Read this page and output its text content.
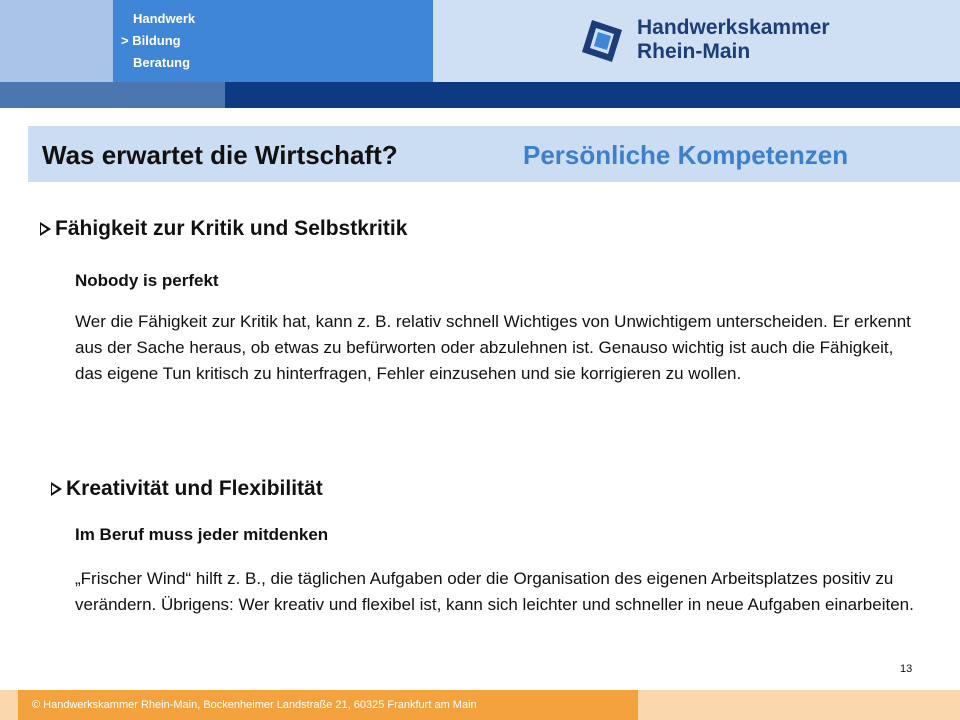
Handwerk
> Bildung
Beratung
Handwerkskammer
Rhein-Main
Was erwartet die Wirtschaft?	Persönliche Kompetenzen
Fähigkeit zur Kritik und Selbstkritik
Nobody is perfekt
Wer die Fähigkeit zur Kritik hat, kann z. B. relativ schnell Wichtiges von Unwichtigem unterscheiden. Er erkennt aus der Sache heraus, ob etwas zu befürworten oder abzulehnen ist. Genauso wichtig ist auch die Fähigkeit, das eigene Tun kritisch zu hinterfragen, Fehler einzusehen und sie korrigieren zu wollen.
Kreativität und Flexibilität
Im Beruf muss jeder mitdenken
„Frischer Wind“ hilft z. B., die täglichen Aufgaben oder die Organisation des eigenen Arbeitsplatzes positiv zu verändern. Übrigens: Wer kreativ und flexibel ist, kann sich leichter und schneller in neue Aufgaben einarbeiten.
13
© Handwerkskammer Rhein-Main, Bockenheimer Landstraße 21, 60325 Frankfurt am Main
